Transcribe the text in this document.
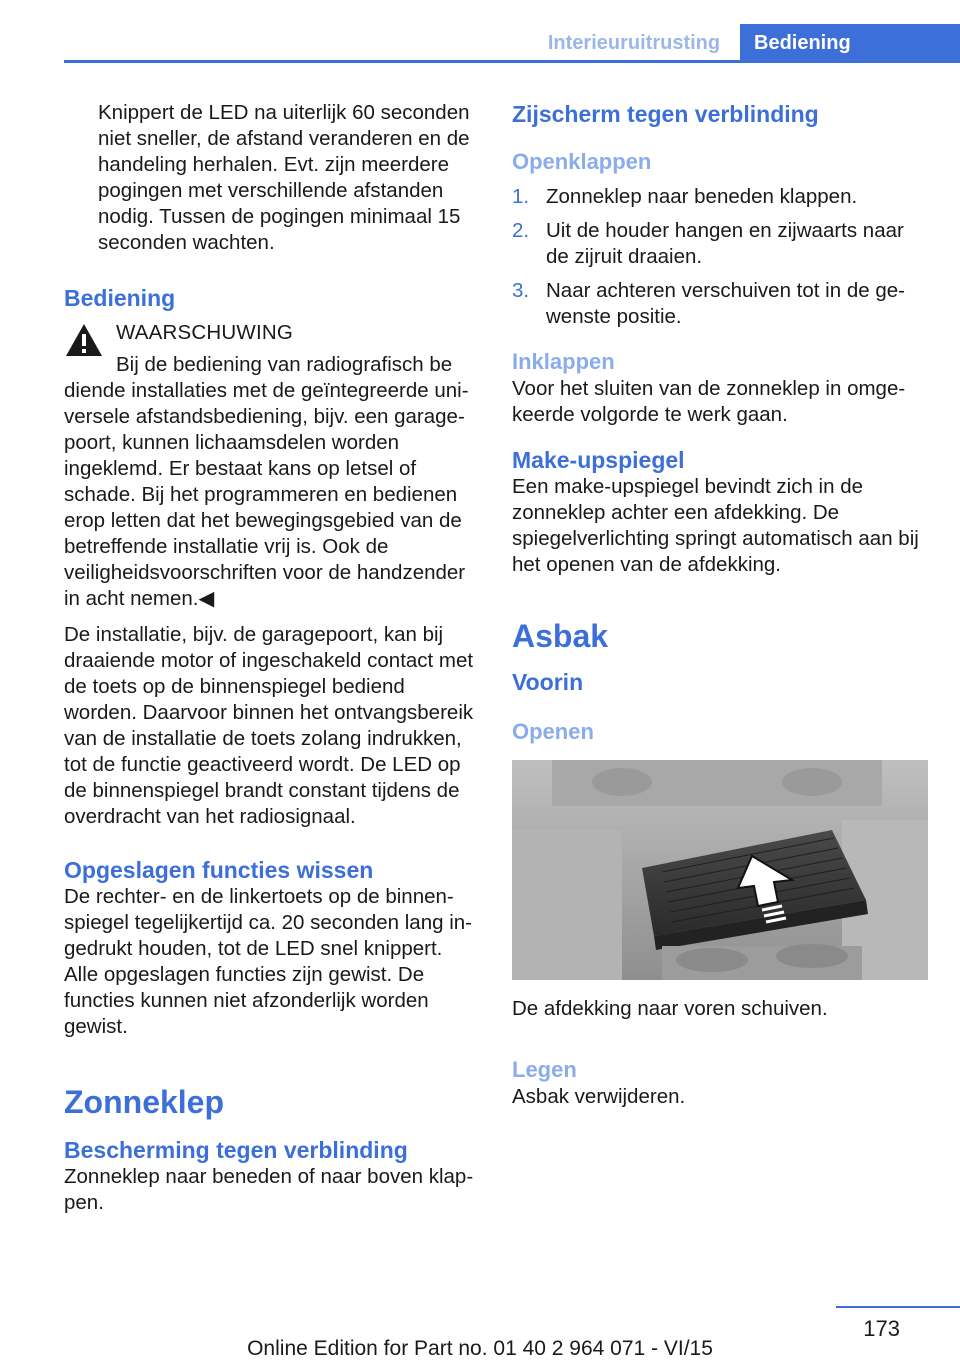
Interieuruitrusting	Bediening

Knippert de LED na uiterlijk 60 seconden niet sneller, de afstand veranderen en de handeling herhalen. Evt. zijn meerdere pogingen met verschillende afstanden nodig. Tussen de pogingen minimaal 15 seconden wachten.

Bediening

WAARSCHUWING
Bij de bediening van radiografisch be
diende installaties met de geïntegreerde universele afstandsbediening, bijv. een garagepoort, kunnen lichaamsdelen worden ingeklemd. Er bestaat kans op letsel of schade. Bij het programmeren en bedienen erop letten dat het bewegingsgebied van de betreffende installatie vrij is. Ook de veiligheidsvoorschriften voor de handzender in acht nemen.◀

De installatie, bijv. de garagepoort, kan bij draaiende motor of ingeschakeld contact met de toets op de binnenspiegel bediend worden. Daarvoor binnen het ontvangsbereik van de installatie de toets zolang indrukken, tot de functie geactiveerd wordt. De LED op de binnenspiegel brandt constant tijdens de overdracht van het radiosignaal.

Opgeslagen functies wissen

De rechter- en de linkertoets op de binnenspiegel tegelijkertijd ca. 20 seconden lang ingedrukt houden, tot de LED snel knippert. Alle opgeslagen functies zijn gewist. De functies kunnen niet afzonderlijk worden gewist.

Zonneklep

Bescherming tegen verblinding

Zonneklep naar beneden of naar boven klappen.

Zijscherm tegen verblinding

Openklappen

1. Zonneklep naar beneden klappen.
2. Uit de houder hangen en zijwaarts naar de zijruit draaien.
3. Naar achteren verschuiven tot in de gewenste positie.

Inklappen

Voor het sluiten van de zonneklep in omgekeerde volgorde te werk gaan.

Make-upspiegel

Een make-upspiegel bevindt zich in de zonneklep achter een afdekking. De spiegelverlichting springt automatisch aan bij het openen van de afdekking.

Asbak

Voorin

Openen

De afdekking naar voren schuiven.

Legen

Asbak verwijderen.

173
Online Edition for Part no. 01 40 2 964 071 - VI/15
